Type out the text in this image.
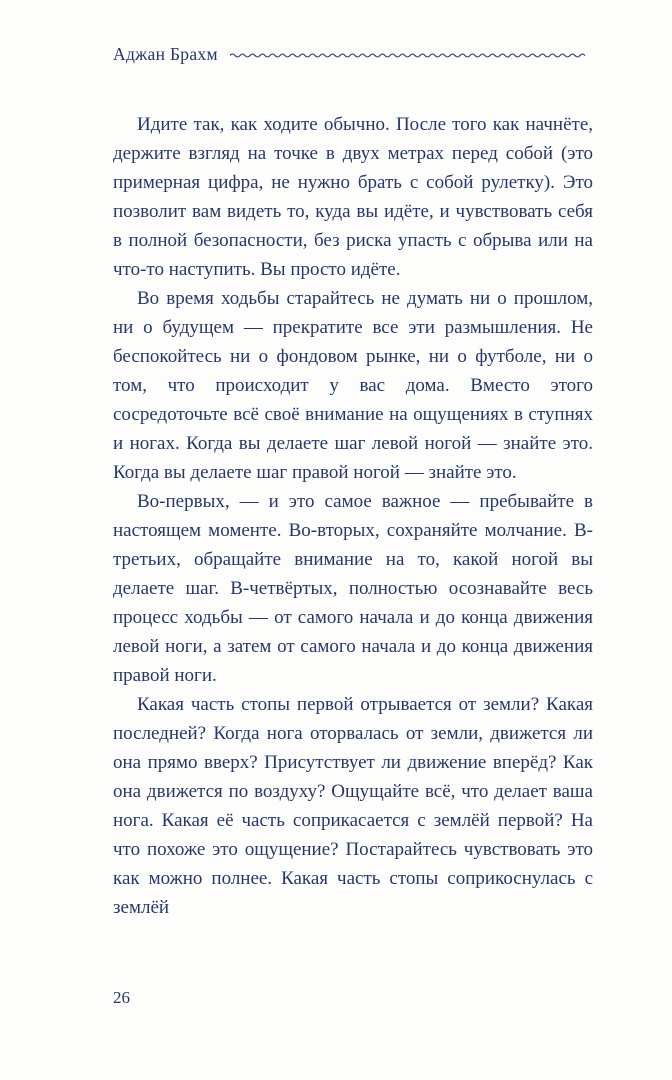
Аджан Брахм

Идите так, как ходите обычно. После того как начнёте, держите взгляд на точке в двух метрах перед собой (это примерная цифра, не нужно брать с собой рулетку). Это позволит вам видеть то, куда вы идёте, и чувствовать себя в полной безопасности, без риска упасть с обрыва или на что-то наступить. Вы просто идёте.

Во время ходьбы старайтесь не думать ни о прошлом, ни о будущем — прекратите все эти размышления. Не беспокойтесь ни о фондовом рынке, ни о футболе, ни о том, что происходит у вас дома. Вместо этого сосредоточьте всё своё внимание на ощущениях в ступнях и ногах. Когда вы делаете шаг левой ногой — знайте это. Когда вы делаете шаг правой ногой — знайте это.

Во-первых, — и это самое важное — пребывайте в настоящем моменте. Во-вторых, сохраняйте молчание. В-третьих, обращайте внимание на то, какой ногой вы делаете шаг. В-четвёртых, полностью осознавайте весь процесс ходьбы — от самого начала и до конца движения левой ноги, а затем от самого начала и до конца движения правой ноги.

Какая часть стопы первой отрывается от земли? Какая последней? Когда нога оторвалась от земли, движется ли она прямо вверх? Присутствует ли движение вперёд? Как она движется по воздуху? Ощущайте всё, что делает ваша нога. Какая её часть соприкасается с землёй первой? На что похоже это ощущение? Постарайтесь чувствовать это как можно полнее. Какая часть стопы соприкоснулась с землёй

26
